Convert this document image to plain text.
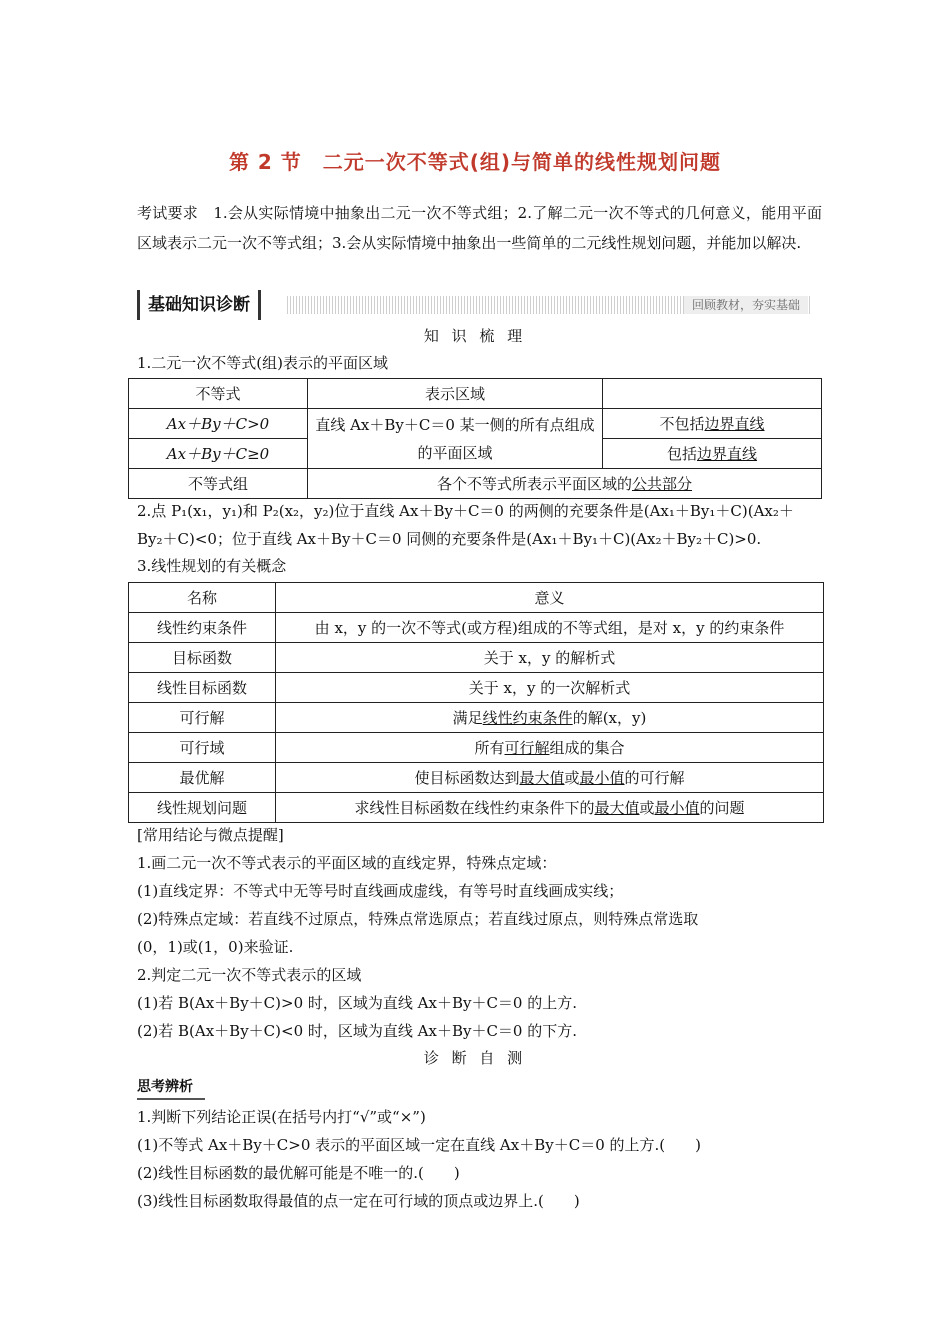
第 2 节　二元一次不等式(组)与简单的线性规划问题
考试要求　1.会从实际情境中抽象出二元一次不等式组；2.了解二元一次不等式的几何意义，能用平面区域表示二元一次不等式组；3.会从实际情境中抽象出一些简单的二元线性规划问题，并能加以解决.
基础知识诊断	回顾教材，夯实基础
知 识 梳 理
1.二元一次不等式(组)表示的平面区域
不等式	表示区域	
Ax＋By＋C>0	直线 Ax＋By＋C＝0 某一侧的所有点组成的平面区域	不包括边界直线
Ax＋By＋C≥0		包括边界直线
不等式组	各个不等式所表示平面区域的公共部分	
2.点 P₁(x₁，y₁)和 P₂(x₂，y₂)位于直线 Ax＋By＋C＝0 的两侧的充要条件是(Ax₁＋By₁＋C)(Ax₂＋
By₂＋C)<0；位于直线 Ax＋By＋C＝0 同侧的充要条件是(Ax₁＋By₁＋C)(Ax₂＋By₂＋C)>0.
3.线性规划的有关概念
名称	意义
线性约束条件	由 x，y 的一次不等式(或方程)组成的不等式组，是对 x，y 的约束条件
目标函数	关于 x，y 的解析式
线性目标函数	关于 x，y 的一次解析式
可行解	满足线性约束条件的解(x，y)
可行域	所有可行解组成的集合
最优解	使目标函数达到最大值或最小值的可行解
线性规划问题	求线性目标函数在线性约束条件下的最大值或最小值的问题
[常用结论与微点提醒]
1.画二元一次不等式表示的平面区域的直线定界，特殊点定域：
(1)直线定界：不等式中无等号时直线画成虚线，有等号时直线画成实线；
(2)特殊点定域：若直线不过原点，特殊点常选原点；若直线过原点，则特殊点常选取
(0，1)或(1，0)来验证.
2.判定二元一次不等式表示的区域
(1)若 B(Ax＋By＋C)>0 时，区域为直线 Ax＋By＋C＝0 的上方.
(2)若 B(Ax＋By＋C)<0 时，区域为直线 Ax＋By＋C＝0 的下方.
诊 断 自 测
思考辨析
1.判断下列结论正误(在括号内打“√”或“×”)
(1)不等式 Ax＋By＋C>0 表示的平面区域一定在直线 Ax＋By＋C＝0 的上方.(　　)
(2)线性目标函数的最优解可能是不唯一的.(　　)
(3)线性目标函数取得最值的点一定在可行域的顶点或边界上.(　　)
